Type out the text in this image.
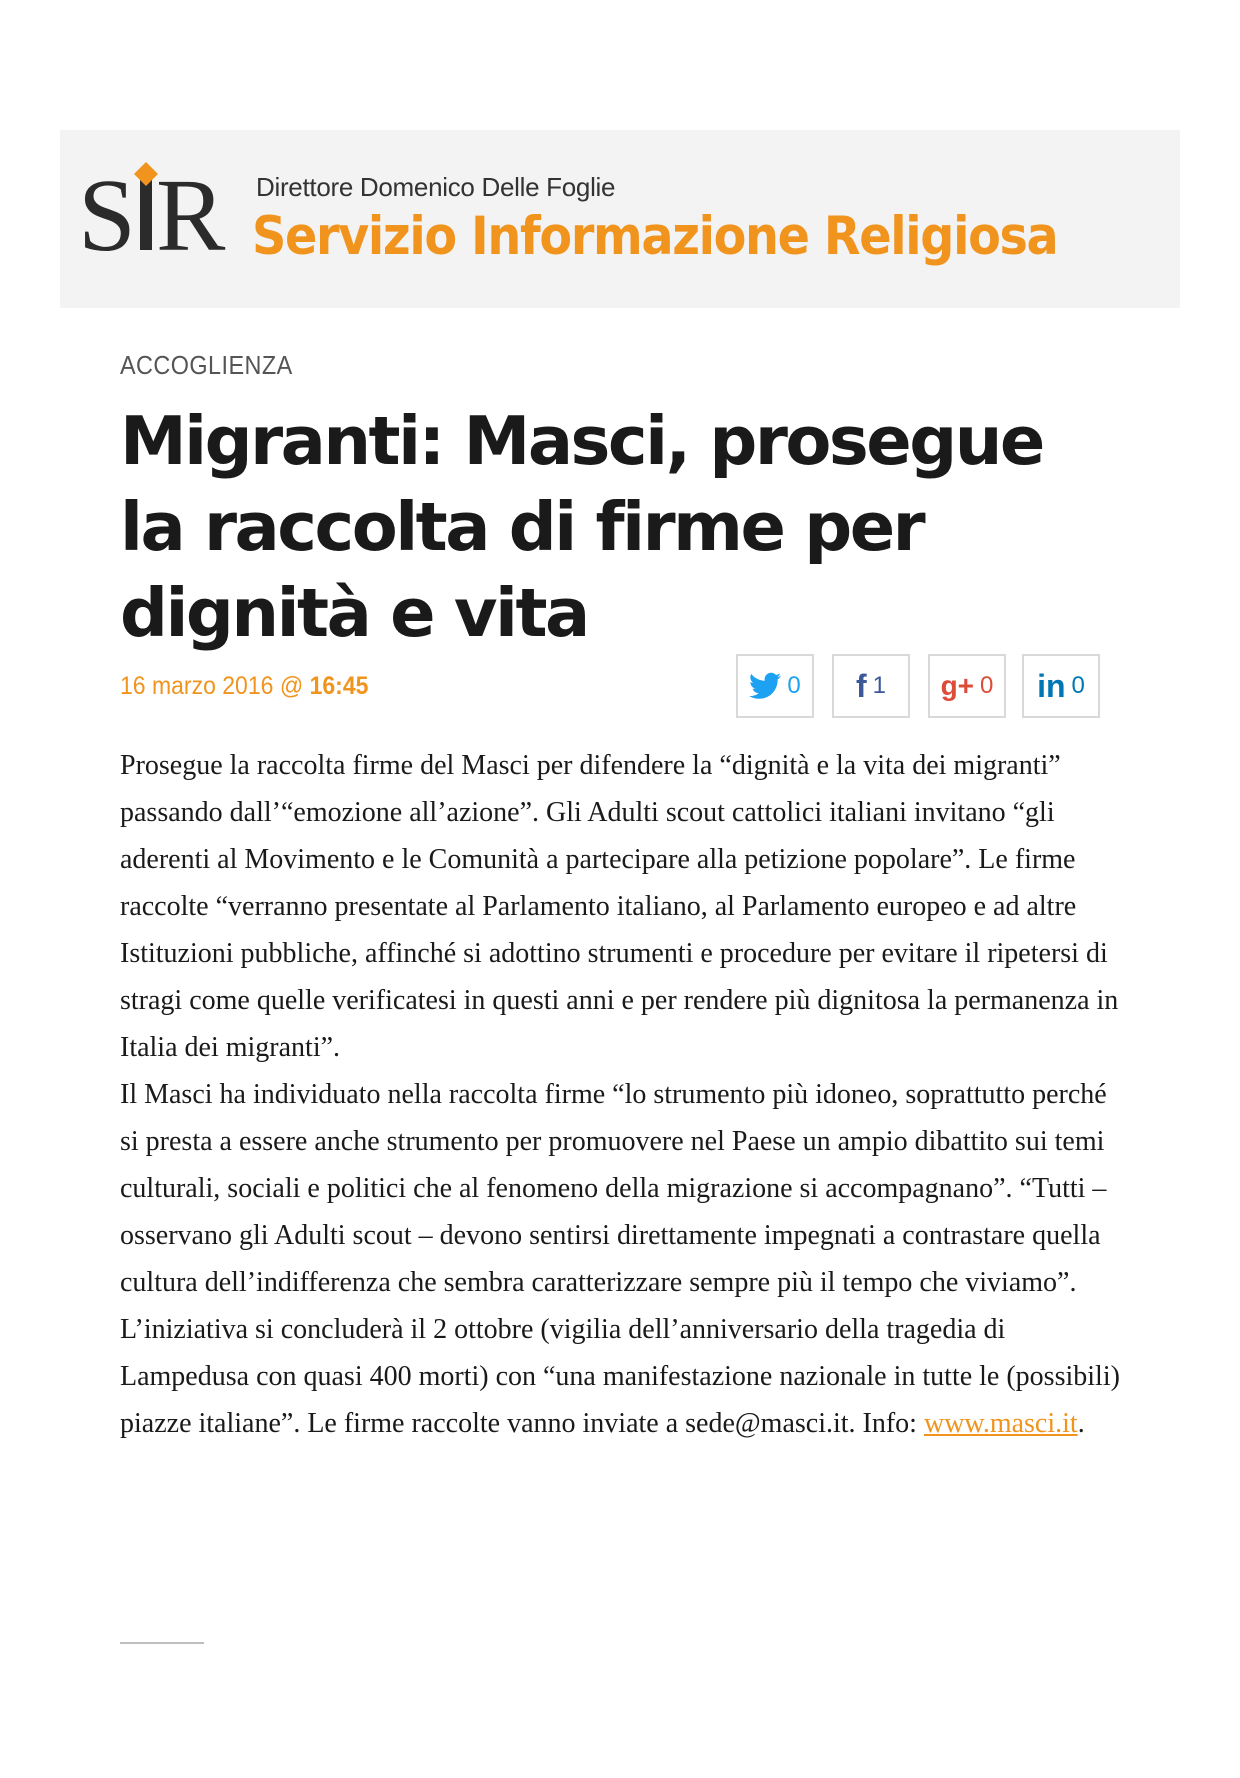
S R Direttore Domenico Delle Foglie
Servizio Informazione Religiosa
ACCOGLIENZA
Migranti: Masci, prosegue la raccolta di firme per dignità e vita
16 marzo 2016 @ 16:45	0 f 1 g+ 0 in 0

Prosegue la raccolta firme del Masci per difendere la “dignità e la vita dei migranti” passando dall’“emozione all’azione”. Gli Adulti scout cattolici italiani invitano “gli aderenti al Movimento e le Comunità a partecipare alla petizione popolare”. Le firme raccolte “verranno presentate al Parlamento italiano, al Parlamento europeo e ad altre Istituzioni pubbliche, affinché si adottino strumenti e procedure per evitare il ripetersi di stragi come quelle verificatesi in questi anni e per rendere più dignitosa la permanenza in Italia dei migranti”.

Il Masci ha individuato nella raccolta firme “lo strumento più idoneo, soprattutto perché si presta a essere anche strumento per promuovere nel Paese un ampio dibattito sui temi culturali, sociali e politici che al fenomeno della migrazione si accompagnano”. “Tutti – osservano gli Adulti scout – devono sentirsi direttamente impegnati a contrastare quella cultura dell’indifferenza che sembra caratterizzare sempre più il tempo che viviamo”. L’iniziativa si concluderà il 2 ottobre (vigilia dell’anniversario della tragedia di Lampedusa con quasi 400 morti) con “una manifestazione nazionale in tutte le (possibili) piazze italiane”. Le firme raccolte vanno inviate a sede@masci.it. Info: www.masci.it.
